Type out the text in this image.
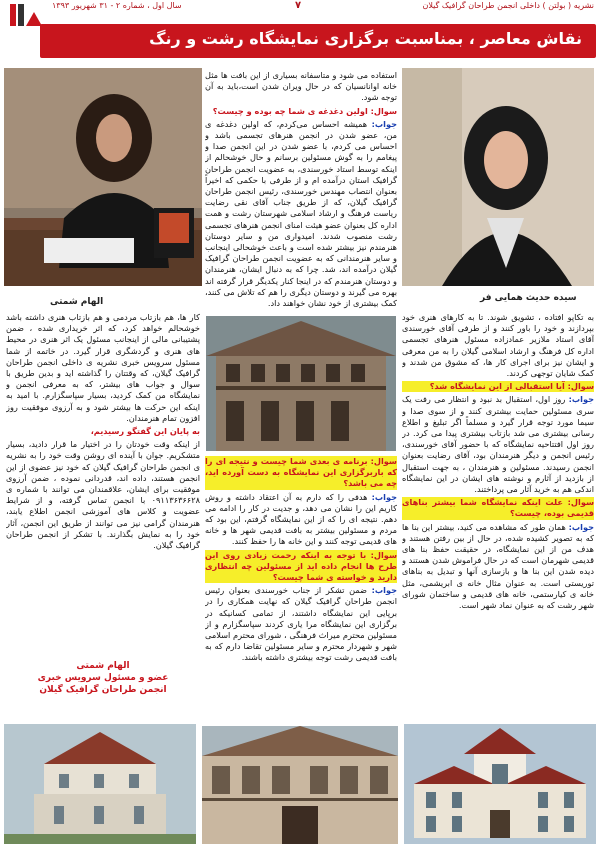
نشریه ( بولتن ) داخلی انجمن طراحان گرافیک گیلان
۷
سال اول ، شماره ۲ - ۳۱ شهریور ۱۳۹۳
نقاش معاصر ، بمناسبت برگزاری نمایشگاه رشت و رنگ
الهام شمتی	سیده حدیث همایی فر

استفاده می شود و متاسفانه بسیاری از این بافت ها مثل خانه اوانانسیان که در حال ویران شدن است،باید به آن توجه شود.

سوال: اولین دغدغه ی شما چه بوده و چیست؟

جواب: همیشه احساس می‌کردم، که اولین دغدغه ی من، عضو شدن در انجمن هنرهای تجسمی باشد و احساس می کردم، با عضو شدن در این انجمن صدا و پیغامم را به گوش مسئولین برسانم و حال خوشحالم از اینکه توسط استاد خورسندی، به عضویت انجمن طراحان گرافیک استان درآمده ام و از طرفی با حکمی که اخیراً بعنوان انتصاب مهندس خورسندی، رئیس انجمن طراحان گرافیک گیلان، که از طریق جناب آقای نقی رضایت ریاست فرهنگ و ارشاد اسلامی شهرستان رشت و همت اداره کل بعنوان عضو هیئت امنای انجمن هنرهای تجسمی رشت منصوب شدند. امیدواری من و سایر دوستان هنرمندم نیز بیشتر شده است و باعث خوشحالی اینجانب و سایر هنرمندانی که به عضویت انجمن طراحان گرافیک گیلان درآمده اند، شد. چرا که به دنبال ایشان، هنرمندان و دوستان هنرمندم که در اینجا کنار یکدیگر قرار گرفته اند بهره می گیرند و دوستان دیگری را هم که تلاش می کنند، کمک بیشتری از خود نشان خواهند داد.

سوال: برنامه ی بعدی شما چیست و نتیجه ای را که باربرگزاری این نمایشگاه به دست آورده اید، چه می باشد؟

جواب: هدفی را که دارم به آن اعتقاد داشته و روش کاریم این را نشان می دهد، و جدیت در کار را ادامه می دهم. نتیجه ای را که از این نمایشگاه گرفتم، این بود که مردم و مسئولین بیشتر به بافت قدیمی شهر ها و خانه های قدیمی توجه کنند و این خانه ها را حفظ کنند.

سوال: با توجه به اینکه رحمت زیادی روی این طرح ها انجام داده اید از مسئولین چه انتظاری دارید و خواسته ی شما چیست؟

جواب: ضمن تشکر از جناب خورسندی بعنوان رئیس انجمن طراحان گرافیک گیلان که نهایت همکاری را در برپایی این نمایشگاه داشتند، از تمامی کسانیکه در برگزاری این نمایشگاه مرا یاری کردند سپاسگزارم و از مسئولین محترم میراث فرهنگی ، شورای محترم اسلامی شهر و شهردار محترم و سایر مسئولین تقاضا دارم که به بافت قدیمی رشت توجه بیشتری داشته باشند.

کار ها، هم بازتاب مردمی و هم بازتاب هنری داشته باشد خوشحالم خواهد کرد، که اثر خریداری شده ، ضمن پشتیبانی مالی از اینجانب مسئول یک اثر هنری در محیط های هنری و گردشگری قرار گیرد. در خاتمه از شما مسئول سرویس خبری نشریه ی داخلی انجمن طراحان گرافیک گیلان، که وقتتان را گذاشته اید و بدین طریق با سوال و جواب های بیشتر، که به معرفی انجمن و نمایشگاه من کمک کردید، بسیار سپاسگزارم. با امید به اینکه این حرکت ها بیشتر شود و به آرزوی موفقیت روز افزون تمام هنرمندان.

به پایان این گفتگو رسیدیم،

از اینکه وقت خودتان را در اختیار ما قرار دادید، بسیار متشکریم. جوان با آینده ای روشن وقت خود را به نشریه ی انجمن طراحان گرافیک گیلان که خود نیز عضوی از این انجمن هستند، داده اند، قدردانی نموده ، ضمن آرزوی موفقیت برای ایشان، علاقمندان می توانند با شماره ی ۰۹۱۱۳۶۳۶۶۲۸ با انجمن تماس گرفته، و از شرایط عضویت و کلاس های آموزشی انجمن اطلاع یابند، هنرمندان گرامی نیز می توانند از طریق این انجمن، آثار خود را به نمایش بگذارند. با تشکر از انجمن طراحان گرافیک گیلان.

الهام شمتی
عضو و مسئول سرویس خبری
انجمن طراحان گرافیک گیلان

به تکاپو افتاده ، تشویق شوند. تا به کارهای هنری خود بپردازند و خود را باور کنند و از طرفی آقای خورسندی آقای استاد ملازیر عماد‌زاده مسئول هنرهای تجسمی اداره کل فرهنگ و ارشاد اسلامی گیلان را به من معرفی و ایشان نیز برای اجرای کار ها، که مشوق من شدند و کمک شایان توجهی کردند.

سوال: آیا استقبالی از این نمایشگاه شد؟

جواب: روز اول، استقبال بد نبود و انتظار می رفت یک سری مسئولین حمایت بیشتری کنند و از سوی صدا و سیما مورد توجه قرار گیرد و مسلماً اگر تبلیغ و اطلاع رسانی بیشتری می شد بازتاب بیشتری پیدا می کرد. در روز اول افتتاحیه نمایشگاه که با حضور آقای خورسندی، رئیس انجمن و دیگر هنرمندان بود، آقای رضایت بعنوان انجمن رسیدند. مسئولین و هنرمندان ، به جهت استقبال از بازدید از آثارم و نوشته های ایشان در این نمایشگاه اندکی هم به خرید آثار می پرداختند.

سوال: علت اینکه نمایشگاه شما بیشتر بناهای قدیمی بوده، چیست؟

جواب: همان طور که مشاهده می کنید، بیشتر این بنا ها که به تصویر کشیده شده، در حال از بین رفتن هستند و هدف من از این نمایشگاه، در حقیقت حفظ بنا های قدیمی شهرمان است که در حال فراموش شدن هستند و دیده شدن این بنا ها و بازسازی آنها و تبدیل به بناهای توریستی است. به عنوان مثال خانه ی ابریشمی، مثل خانه ی کیارستمی، خانه های قدیمی و ساختمان شورای شهر رشت که به عنوان نماد شهر است.
